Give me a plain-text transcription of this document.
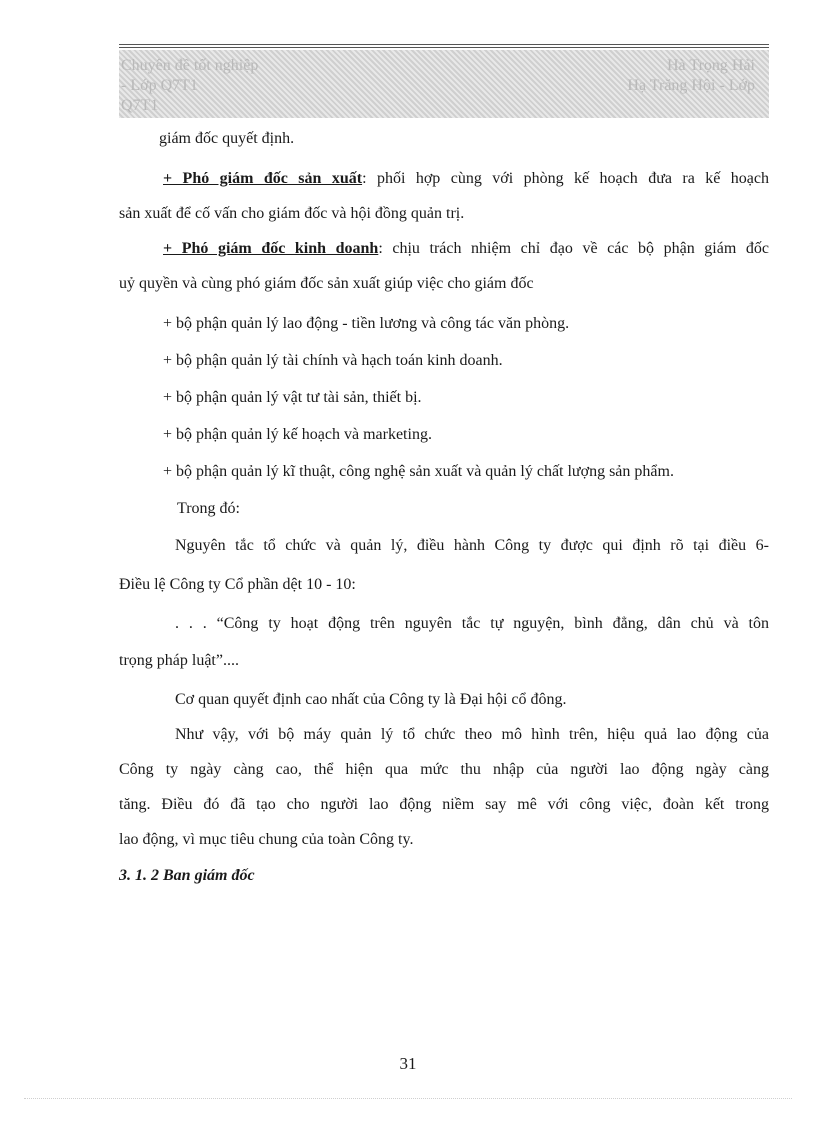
Chuyên đề tốt nghiệp
- Lớp Q7T1
Q7T1
Hà Trọng Hải
Hạ Trăng Hội - Lớp
giám đốc quyết định.
+ Phó giám đốc sản xuất: phối hợp cùng với phòng kế hoạch đưa ra kế hoạch
sản xuất để cố vấn cho giám đốc và hội đồng quản trị.
+ Phó giám đốc kinh doanh: chịu trách nhiệm chỉ đạo về các bộ phận giám đốc
uỷ quyền và cùng phó giám đốc sản xuất giúp việc cho giám đốc
+ bộ phận quản lý lao động - tiền lương và công tác văn phòng.
+ bộ phận quản lý tài chính và hạch toán kinh doanh.
+ bộ phận quản lý vật tư tài sản, thiết bị.
+ bộ phận quản lý kế hoạch và marketing.
+ bộ phận quản lý kĩ thuật, công nghệ sản xuất và quản lý chất lượng sản phẩm.
Trong đó:
Nguyên tắc tổ chức và quản lý, điều hành Công ty được qui định rõ tại điều 6-
Điều lệ Công ty Cổ phần dệt 10 - 10:
. . . “Công ty hoạt động trên nguyên tắc tự nguyện, bình đẳng, dân chủ và tôn
trọng pháp luật”....
Cơ quan quyết định cao nhất của Công ty là Đại hội cổ đông.
Như vậy, với bộ máy quản lý tổ chức theo mô hình trên, hiệu quả lao động của
Công ty ngày càng cao, thể hiện qua mức thu nhập của người lao động ngày càng
tăng. Điều đó đã tạo cho người lao động niềm say mê với công việc, đoàn kết trong
lao động, vì mục tiêu chung của toàn Công ty.
3. 1. 2 Ban giám đốc
31
